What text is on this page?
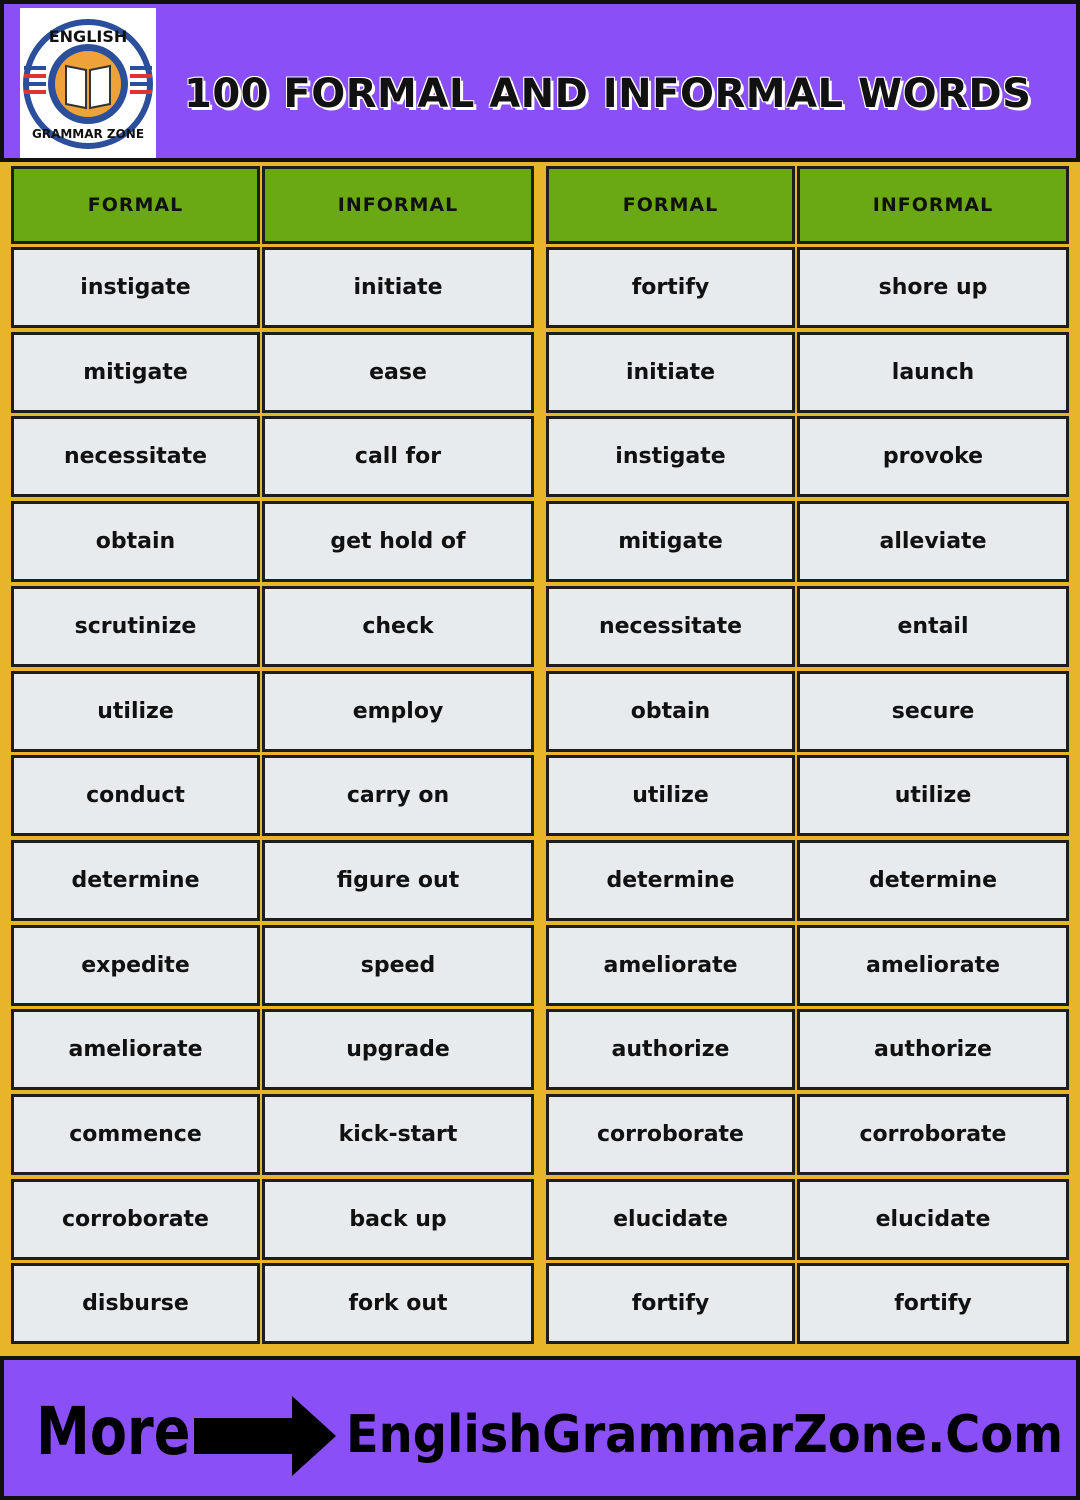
ENGLISH
GRAMMAR ZONE
100 FORMAL AND INFORMAL WORDS
FORMAL	INFORMAL	FORMAL	INFORMAL
instigate	initiate	fortify	shore up
mitigate	ease	initiate	launch
necessitate	call for	instigate	provoke
obtain	get hold of	mitigate	alleviate
scrutinize	check	necessitate	entail
utilize	employ	obtain	secure
conduct	carry on	utilize	utilize
determine	figure out	determine	determine
expedite	speed	ameliorate	ameliorate
ameliorate	upgrade	authorize	authorize
commence	kick-start	corroborate	corroborate
corroborate	back up	elucidate	elucidate
disburse	fork out	fortify	fortify
More	EnglishGrammarZone.Com
